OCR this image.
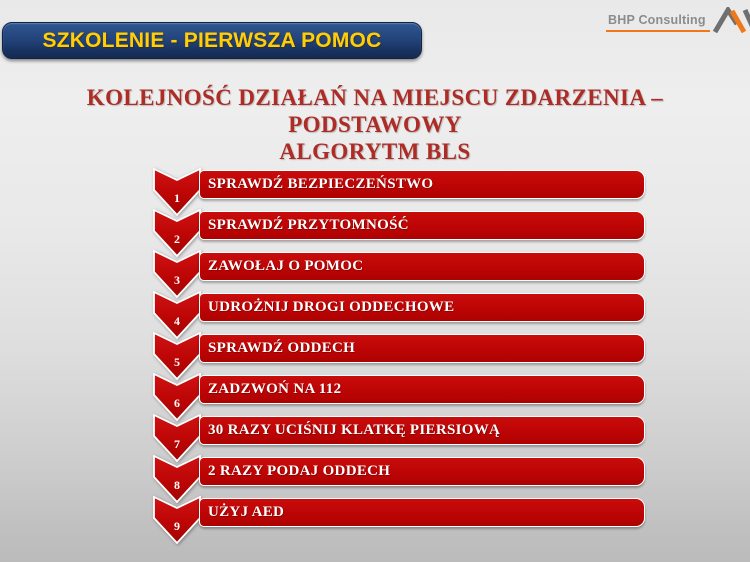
SZKOLENIE - PIERWSZA POMOC
BHP Consulting
KOLEJNOŚĆ DZIAŁAŃ NA MIEJSCU ZDARZENIA – PODSTAWOWY
ALGORYTM BLS
1
SPRAWDŹ BEZPIECZEŃSTWO
2
SPRAWDŹ PRZYTOMNOŚĆ
3
ZAWOŁAJ O POMOC
4
UDROŻNIJ DROGI ODDECHOWE
5
SPRAWDŹ ODDECH
6
ZADZWOŃ NA 112
7
30 RAZY UCIŚNIJ KLATKĘ PIERSIOWĄ
8
2 RAZY PODAJ ODDECH
9
UŻYJ AED
